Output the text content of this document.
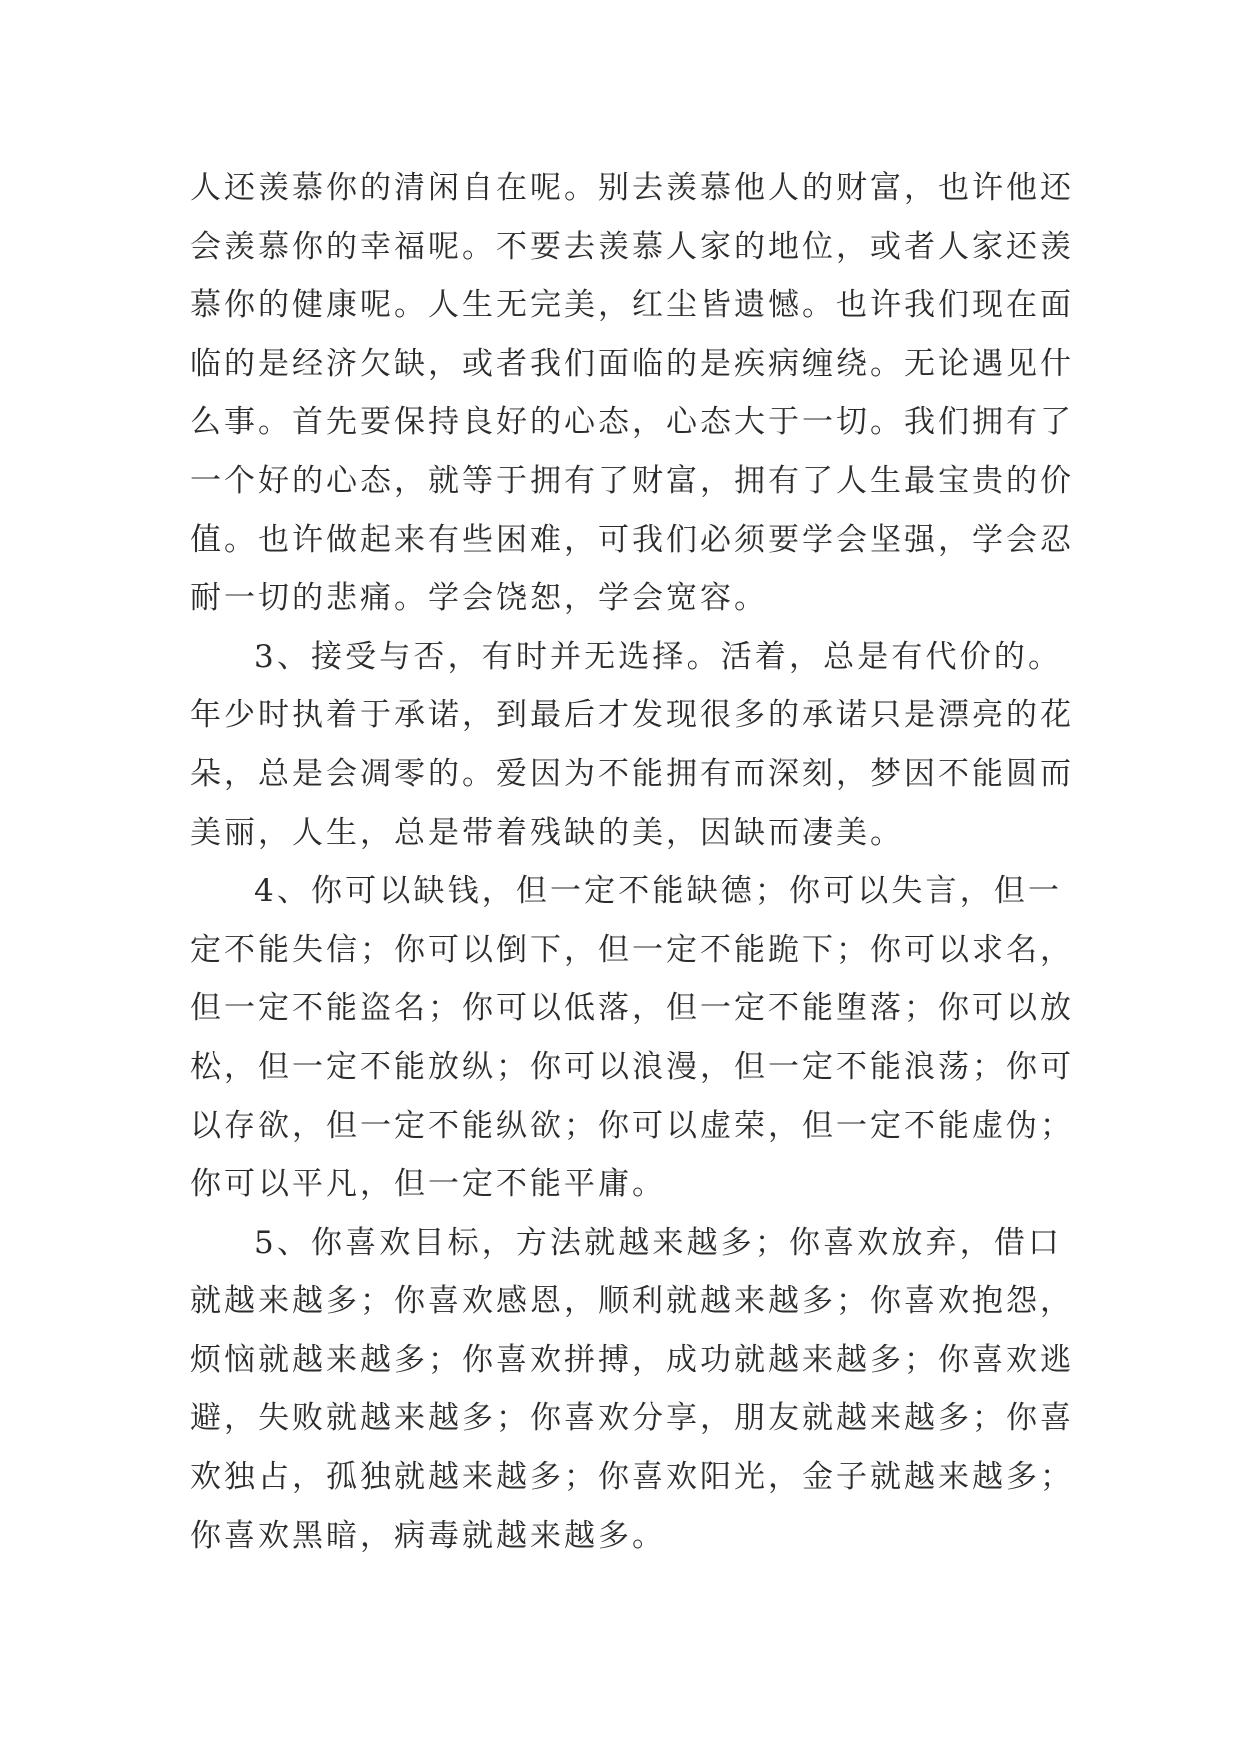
人还羡慕你的清闲自在呢。别去羡慕他人的财富，也许他还
会羡慕你的幸福呢。不要去羡慕人家的地位，或者人家还羡
慕你的健康呢。人生无完美，红尘皆遗憾。也许我们现在面
临的是经济欠缺，或者我们面临的是疾病缠绕。无论遇见什
么事。首先要保持良好的心态，心态大于一切。我们拥有了
一个好的心态，就等于拥有了财富，拥有了人生最宝贵的价
值。也许做起来有些困难，可我们必须要学会坚强，学会忍
耐一切的悲痛。学会饶恕，学会宽容。
3、接受与否，有时并无选择。活着，总是有代价的。
年少时执着于承诺，到最后才发现很多的承诺只是漂亮的花
朵，总是会凋零的。爱因为不能拥有而深刻，梦因不能圆而
美丽，人生，总是带着残缺的美，因缺而凄美。
4、你可以缺钱，但一定不能缺德；你可以失言，但一
定不能失信；你可以倒下，但一定不能跪下；你可以求名，
但一定不能盗名；你可以低落，但一定不能堕落；你可以放
松，但一定不能放纵；你可以浪漫，但一定不能浪荡；你可
以存欲，但一定不能纵欲；你可以虚荣，但一定不能虚伪；
你可以平凡，但一定不能平庸。
5、你喜欢目标，方法就越来越多；你喜欢放弃，借口
就越来越多；你喜欢感恩，顺利就越来越多；你喜欢抱怨，
烦恼就越来越多；你喜欢拼搏，成功就越来越多；你喜欢逃
避，失败就越来越多；你喜欢分享，朋友就越来越多；你喜
欢独占，孤独就越来越多；你喜欢阳光，金子就越来越多；
你喜欢黑暗，病毒就越来越多。
